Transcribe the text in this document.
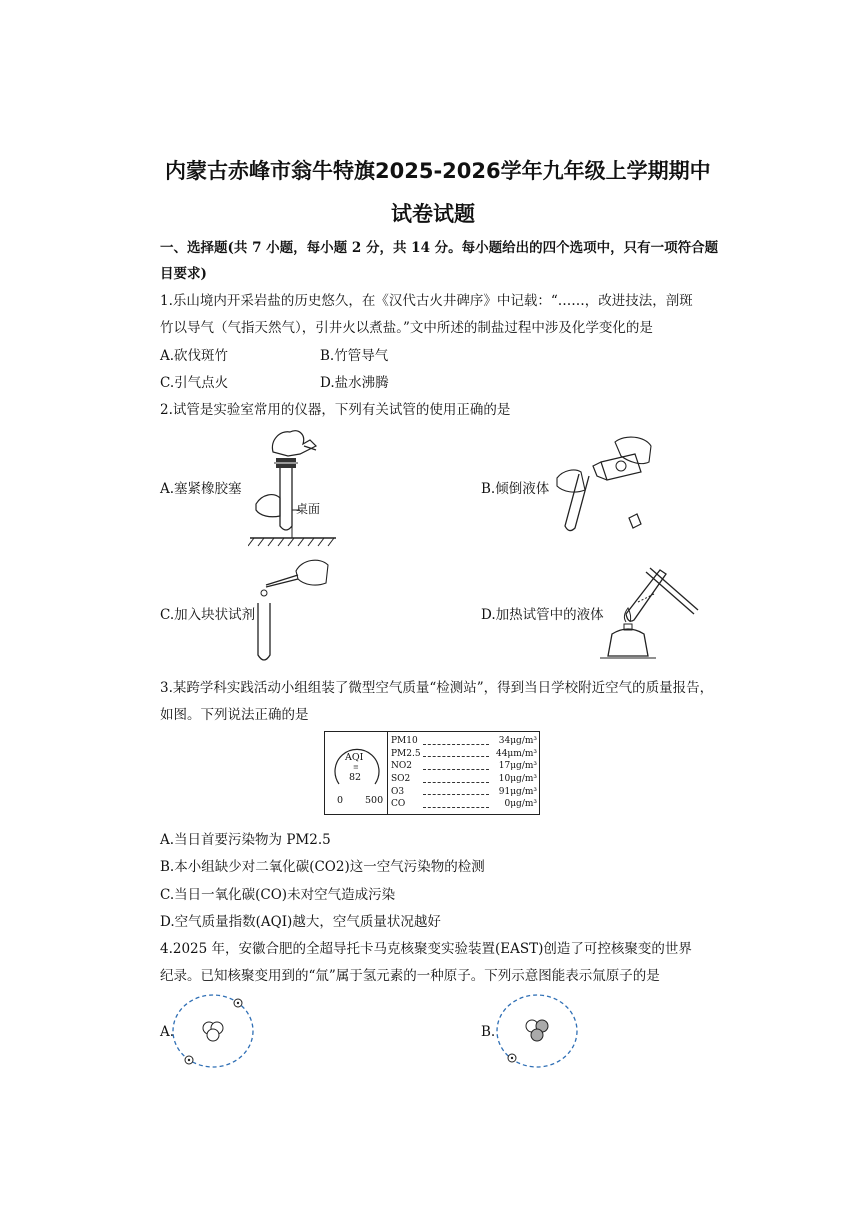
内蒙古赤峰市翁牛特旗2025-2026学年九年级上学期期中
试卷试题
一、选择题(共 7 小题，每小题 2 分，共 14 分。每小题给出的四个选项中，只有一项符合题
目要求)
1.乐山境内开采岩盐的历史悠久，在《汉代古火井碑序》中记载：“……，改进技法，剖斑
竹以导气（气指天然气），引井火以煮盐。”文中所述的制盐过程中涉及化学变化的是
A.砍伐斑竹	B.竹管导气
C.引气点火	D.盐水沸腾
2.试管是实验室常用的仪器，下列有关试管的使用正确的是
A.塞紧橡胶塞
桌面
B.倾倒液体
C.加入块状试剂	D.加热试管中的液体
3.某跨学科实践活动小组组装了微型空气质量“检测站”，得到当日学校附近空气的质量报告，
如图。下列说法正确的是
AQI
≡
82
0 500
PM10	34μg/m³
PM2.5	44μm/m³
NO2	17μg/m³
SO2	10μg/m³
O3	91μg/m³
CO	0μg/m³
A.当日首要污染物为 PM2.5
B.本小组缺少对二氧化碳(CO2)这一空气污染物的检测
C.当日一氧化碳(CO)未对空气造成污染
D.空气质量指数(AQI)越大，空气质量状况越好
4.2025 年，安徽合肥的全超导托卡马克核聚变实验装置(EAST)创造了可控核聚变的世界
纪录。已知核聚变用到的“氚”属于氢元素的一种原子。下列示意图能表示氚原子的是
A.	B.
